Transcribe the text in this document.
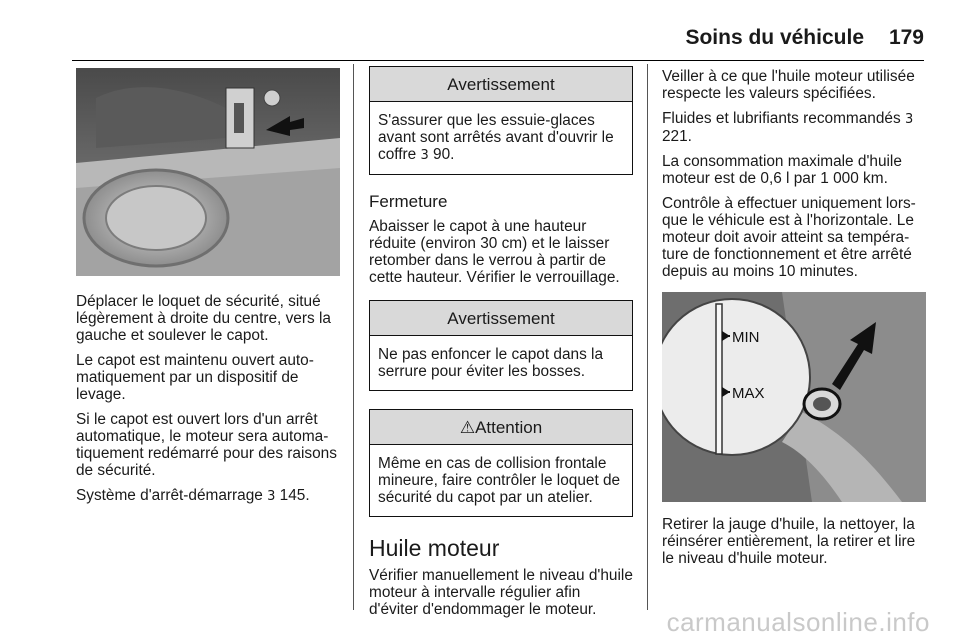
Soins du véhicule 179

Déplacer le loquet de sécurité, situé légèrement à droite du centre, vers la gauche et soulever le capot.

Le capot est maintenu ouvert auto-matiquement par un dispositif de levage.

Si le capot est ouvert lors d'un arrêt automatique, le moteur sera automa-tiquement redémarré pour des raisons de sécurité.

Système d'arrêt-démarrage 3 145.

Avertissement
S'assurer que les essuie-glaces avant sont arrêtés avant d'ouvrir le coffre 3 90.
Fermeture

Abaisser le capot à une hauteur réduite (environ 30 cm) et le laisser retomber dans le verrou à partir de cette hauteur. Vérifier le verrouillage.

Avertissement
Ne pas enfoncer le capot dans la serrure pour éviter les bosses.
⚠Attention
Même en cas de collision frontale mineure, faire contrôler le loquet de sécurité du capot par un atelier.
Huile moteur

Vérifier manuellement le niveau d'huile moteur à intervalle régulier afin d'éviter d'endommager le moteur.

Veiller à ce que l'huile moteur utilisée respecte les valeurs spécifiées.

Fluides et lubrifiants recommandés 3 221.

La consommation maximale d'huile moteur est de 0,6 l par 1 000 km.

Contrôle à effectuer uniquement lors-que le véhicule est à l'horizontale. Le moteur doit avoir atteint sa tempéra-ture de fonctionnement et être arrêté depuis au moins 10 minutes.

MIN
MAX

Retirer la jauge d'huile, la nettoyer, la réinsérer entièrement, la retirer et lire le niveau d'huile moteur.

carmanualsonline.info
